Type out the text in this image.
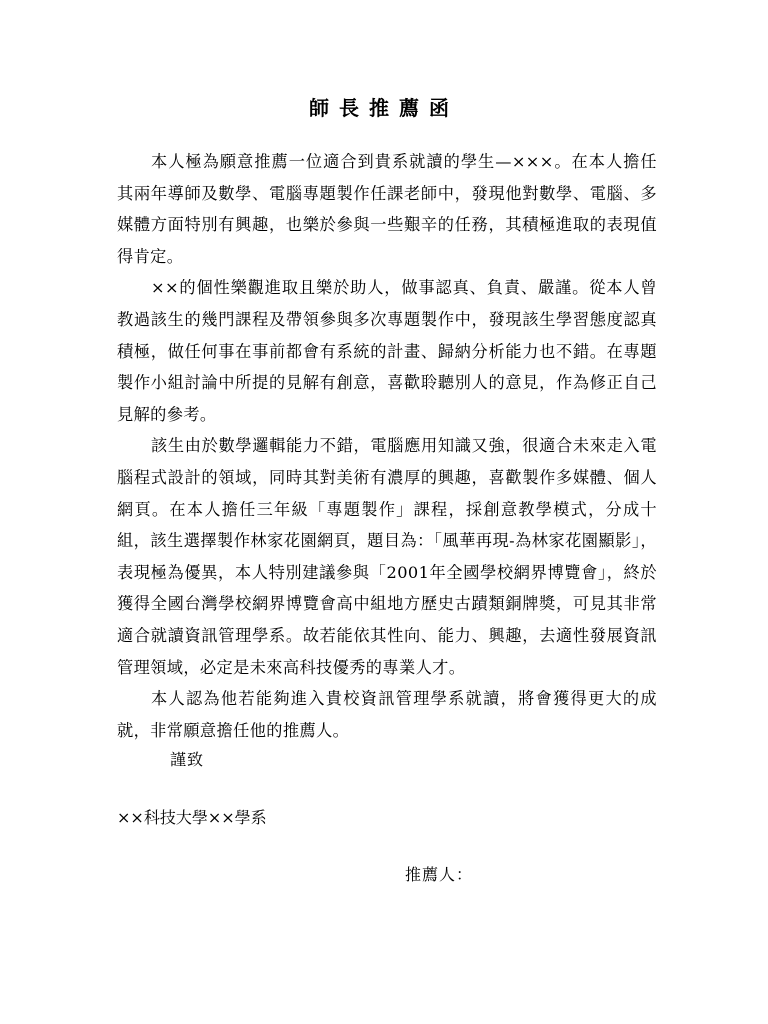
師長推薦函

本人極為願意推薦一位適合到貴系就讀的學生—×××。在本人擔任其兩年導師及數學、電腦專題製作任課老師中，發現他對數學、電腦、多媒體方面特別有興趣，也樂於參與一些艱辛的任務，其積極進取的表現值得肯定。

××的個性樂觀進取且樂於助人，做事認真、負責、嚴謹。從本人曾教過該生的幾門課程及帶領參與多次專題製作中，發現該生學習態度認真積極，做任何事在事前都會有系統的計畫、歸納分析能力也不錯。在專題製作小組討論中所提的見解有創意，喜歡聆聽別人的意見，作為修正自己見解的參考。

該生由於數學邏輯能力不錯，電腦應用知識又強，很適合未來走入電腦程式設計的領域，同時其對美術有濃厚的興趣，喜歡製作多媒體、個人網頁。在本人擔任三年級「專題製作」課程，採創意教學模式，分成十組，該生選擇製作林家花園網頁，題目為：「風華再現-為林家花園顯影」，表現極為優異，本人特別建議參與「2001年全國學校網界博覽會」，終於獲得全國台灣學校網界博覽會高中組地方歷史古蹟類銅牌獎，可見其非常適合就讀資訊管理學系。故若能依其性向、能力、興趣，去適性發展資訊管理領域，必定是未來高科技優秀的專業人才。

本人認為他若能夠進入貴校資訊管理學系就讀，將會獲得更大的成就，非常願意擔任他的推薦人。

謹致
××科技大學××學系
推薦人：
